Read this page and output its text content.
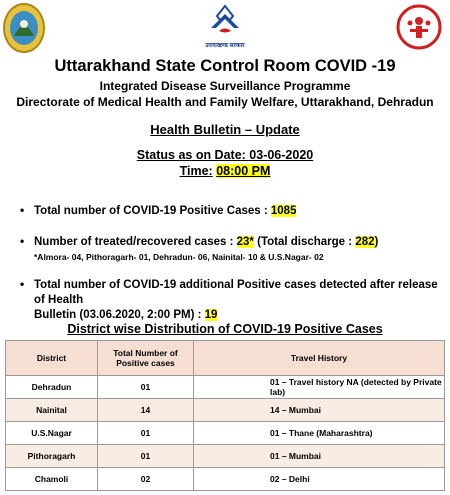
उत्तराखण्ड सरकार
Uttarakhand State Control Room COVID -19
Integrated Disease Surveillance Programme
Directorate of Medical Health and Family Welfare, Uttarakhand, Dehradun
Health Bulletin – Update
Status as on Date: 03-06-2020
Time: 08:00 PM
• Total number of COVID-19 Positive Cases : 1085
• Number of treated/recovered cases : 23* (Total discharge : 282)
*Almora- 04, Pithoragarh- 01, Dehradun- 06, Nainital- 10 & U.S.Nagar- 02
• Total number of COVID-19 additional Positive cases detected after release of Health
Bulletin (03.06.2020, 2:00 PM) : 19
District wise Distribution of COVID-19 Positive Cases
District	Total Number of Positive cases	Travel History
Dehradun	01	01 – Travel history NA (detected by Private lab)
Nainital	14	14 – Mumbai
U.S.Nagar	01	01 – Thane (Maharashtra)
Pithoragarh	01	01 – Mumbai
Chamoli	02	02 – Delhi
